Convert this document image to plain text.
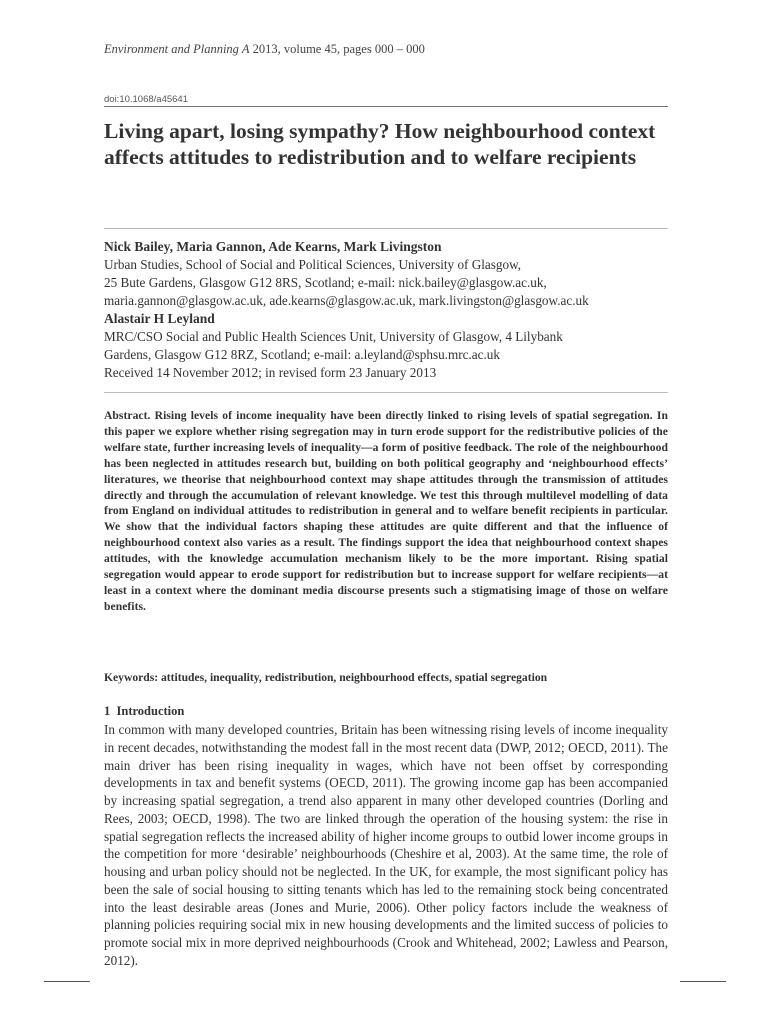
Environment and Planning A 2013, volume 45, pages 000 – 000
doi:10.1068/a45641
Living apart, losing sympathy? How neighbourhood context affects attitudes to redistribution and to welfare recipients
Nick Bailey, Maria Gannon, Ade Kearns, Mark Livingston
Urban Studies, School of Social and Political Sciences, University of Glasgow,
25 Bute Gardens, Glasgow G12 8RS, Scotland; e-mail: nick.bailey@glasgow.ac.uk,
maria.gannon@glasgow.ac.uk, ade.kearns@glasgow.ac.uk, mark.livingston@glasgow.ac.uk
Alastair H Leyland
MRC/CSO Social and Public Health Sciences Unit, University of Glasgow, 4 Lilybank
Gardens, Glasgow G12 8RZ, Scotland; e-mail: a.leyland@sphsu.mrc.ac.uk
Received 14 November 2012; in revised form 23 January 2013

Abstract. Rising levels of income inequality have been directly linked to rising levels of spatial segregation. In this paper we explore whether rising segregation may in turn erode support for the redistributive policies of the welfare state, further increasing levels of inequality—a form of positive feedback. The role of the neighbourhood has been neglected in attitudes research but, building on both political geography and ‘neighbourhood effects’ literatures, we theorise that neighbourhood context may shape attitudes through the transmission of attitudes directly and through the accumulation of relevant knowledge. We test this through multilevel modelling of data from England on individual attitudes to redistribution in general and to welfare benefit recipients in particular. We show that the individual factors shaping these attitudes are quite different and that the influence of neighbourhood context also varies as a result. The findings support the idea that neighbourhood context shapes attitudes, with the knowledge accumulation mechanism likely to be the more important. Rising spatial segregation would appear to erode support for redistribution but to increase support for welfare recipients—at least in a context where the dominant media discourse presents such a stigmatising image of those on welfare benefits.

Keywords: attitudes, inequality, redistribution, neighbourhood effects, spatial segregation
1 Introduction

In common with many developed countries, Britain has been witnessing rising levels of income inequality in recent decades, notwithstanding the modest fall in the most recent data (DWP, 2012; OECD, 2011). The main driver has been rising inequality in wages, which have not been offset by corresponding developments in tax and benefit systems (OECD, 2011). The growing income gap has been accompanied by increasing spatial segregation, a trend also apparent in many other developed countries (Dorling and Rees, 2003; OECD, 1998). The two are linked through the operation of the housing system: the rise in spatial segregation reflects the increased ability of higher income groups to outbid lower income groups in the competition for more ‘desirable’ neighbourhoods (Cheshire et al, 2003). At the same time, the role of housing and urban policy should not be neglected. In the UK, for example, the most significant policy has been the sale of social housing to sitting tenants which has led to the remaining stock being concentrated into the least desirable areas (Jones and Murie, 2006). Other policy factors include the weakness of planning policies requiring social mix in new housing developments and the limited success of policies to promote social mix in more deprived neighbourhoods (Crook and Whitehead, 2002; Lawless and Pearson, 2012).
